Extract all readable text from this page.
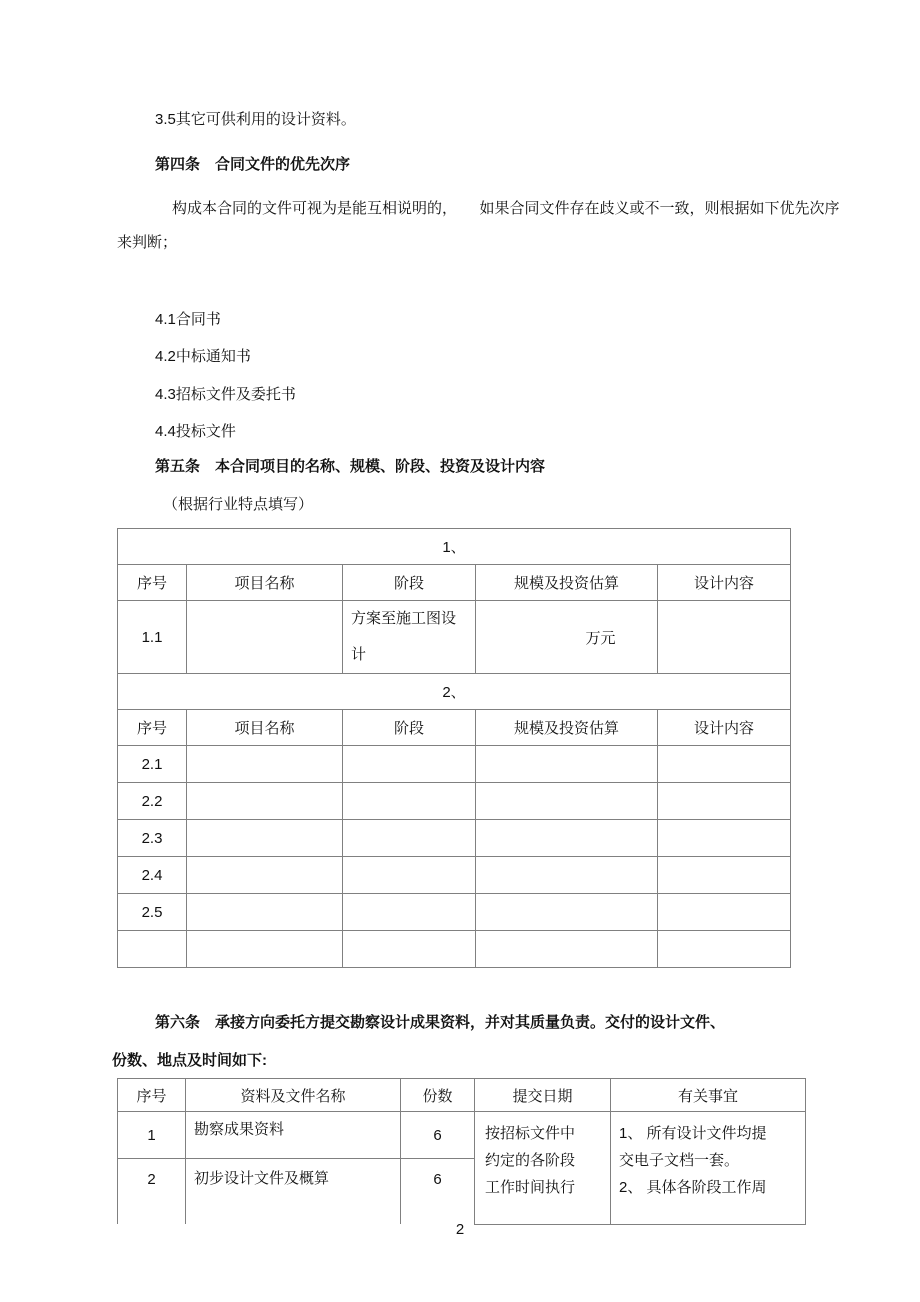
3.5其它可供利用的设计资料。
第四条　合同文件的优先次序
构成本合同的文件可视为是能互相说明的，　　如果合同文件存在歧义或不一致，则根据如下优先次序
来判断；
4.1合同书
4.2中标通知书
4.3招标文件及委托书
4.4投标文件
第五条　本合同项目的名称、规模、阶段、投资及设计内容
（根据行业特点填写）
1、				
序号	项目名称	阶段	规模及投资估算	设计内容
1.1		方案至施工图设计	万元	
2、				
序号	项目名称	阶段	规模及投资估算	设计内容
2.1				
2.2				
2.3				
2.4				
2.5				

第六条　承接方向委托方提交勘察设计成果资料，并对其质量负责。交付的设计文件、
份数、地点及时间如下:
序号	资料及文件名称	份数	提交日期	有关事宜
1	勘察成果资料	6	按招标文件中约定的各阶段工作时间执行	1、 所有设计文件均提交电子文档一套。
2、 具体各阶段工作周

2	初步设计文件及概算	6		
2
